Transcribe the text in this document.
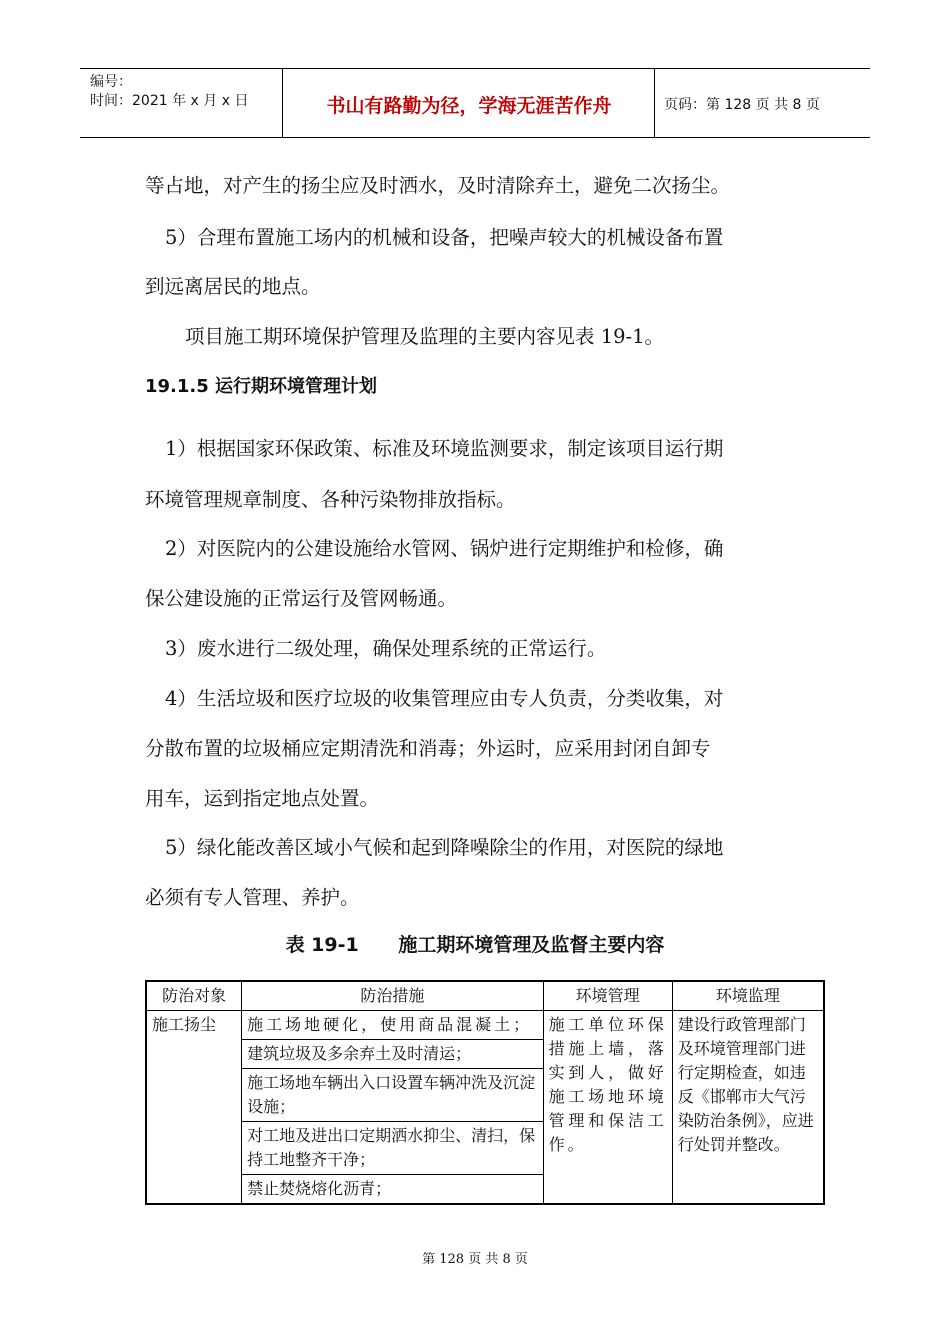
编号：
时间：2021 年 x 月 x 日	书山有路勤为径，学海无涯苦作舟	页码：第 128 页 共 8 页
等占地，对产生的扬尘应及时洒水，及时清除弃土，避免二次扬尘。
5）合理布置施工场内的机械和设备，把噪声较大的机械设备布置
到远离居民的地点。
项目施工期环境保护管理及监理的主要内容见表 19-1。
19.1.5 运行期环境管理计划
1）根据国家环保政策、标准及环境监测要求，制定该项目运行期
环境管理规章制度、各种污染物排放指标。
2）对医院内的公建设施给水管网、锅炉进行定期维护和检修，确
保公建设施的正常运行及管网畅通。
3）废水进行二级处理，确保处理系统的正常运行。
4）生活垃圾和医疗垃圾的收集管理应由专人负责，分类收集，对
分散布置的垃圾桶应定期清洗和消毒；外运时，应采用封闭自卸专
用车，运到指定地点处置。
5）绿化能改善区域小气候和起到降噪除尘的作用，对医院的绿地
必须有专人管理、养护。
表 19-1      施工期环境管理及监督主要内容
防治对象	防治措施	环境管理	环境监理
施工扬尘	施工场地硬化，使用商品混凝土；	施工单位环保措施上墙，落实到人，做好施工场地环境管理和保洁工作。	建设行政管理部门及环境管理部门进行定期检查，如违反《邯郸市大气污染防治条例》，应进行处罚并整改。
	建筑垃圾及多余弃土及时清运；		
	施工场地车辆出入口设置车辆冲洗及沉淀设施；		
	对工地及进出口定期洒水抑尘、清扫，保持工地整齐干净；		
	禁止焚烧熔化沥青；		
第 128 页 共 8 页
